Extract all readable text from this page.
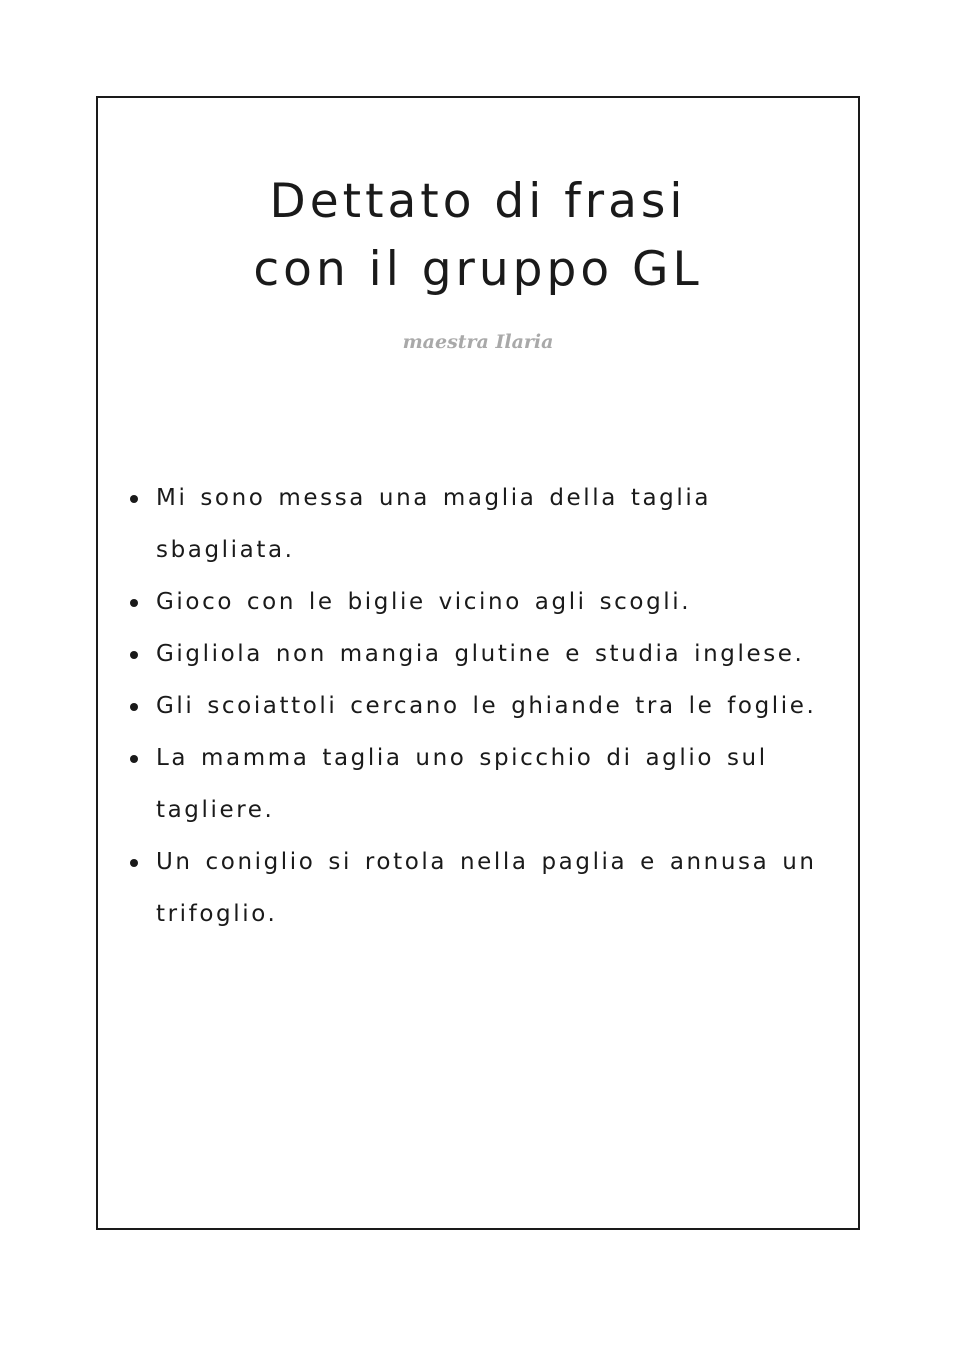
Dettato di frasi
con il gruppo GL
maestra Ilaria
Mi sono messa una maglia della taglia sbagliata.
Gioco con le biglie vicino agli scogli.
Gigliola non mangia glutine e studia inglese.
Gli scoiattoli cercano le ghiande tra le foglie.
La mamma taglia uno spicchio di aglio sul tagliere.
Un coniglio si rotola nella paglia e annusa un trifoglio.
